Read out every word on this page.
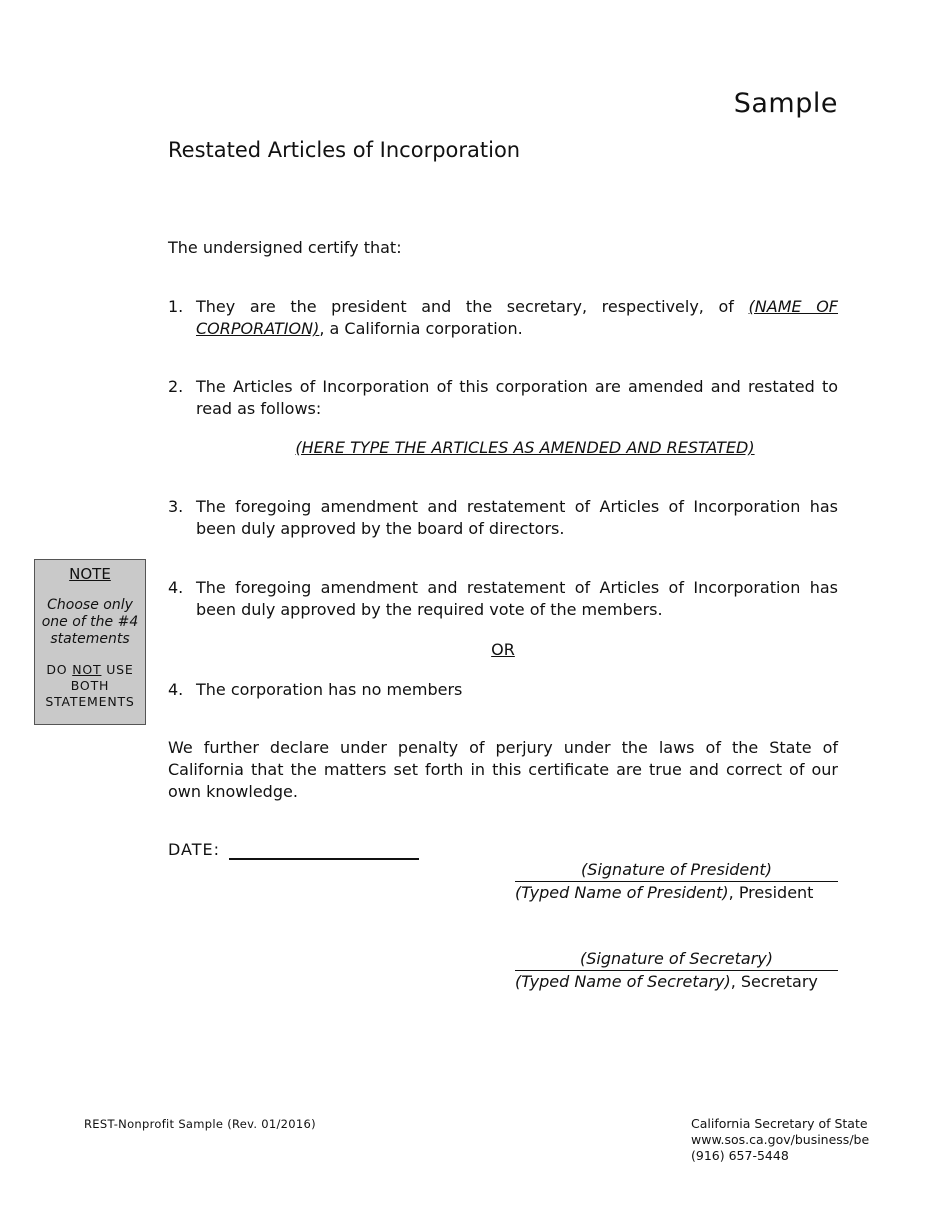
Sample
Restated Articles of Incorporation
The undersigned certify that:
1. They are the president and the secretary, respectively, of (NAME OF CORPORATION), a California corporation.
2. The Articles of Incorporation of this corporation are amended and restated to read as follows:
(HERE TYPE THE ARTICLES AS AMENDED AND RESTATED)
3. The foregoing amendment and restatement of Articles of Incorporation has been duly approved by the board of directors.
NOTE
Choose only
one of the #4
statements
DO NOT USE
BOTH
STATEMENTS
4. The foregoing amendment and restatement of Articles of Incorporation has been duly approved by the required vote of the members.
OR
4. The corporation has no members
We further declare under penalty of perjury under the laws of the State of California that the matters set forth in this certificate are true and correct of our own knowledge.
DATE:
(Signature of President)
(Typed Name of President), President
(Signature of Secretary)
(Typed Name of Secretary), Secretary
REST-Nonprofit Sample (Rev. 01/2016)	California Secretary of State
www.sos.ca.gov/business/be
(916) 657-5448
